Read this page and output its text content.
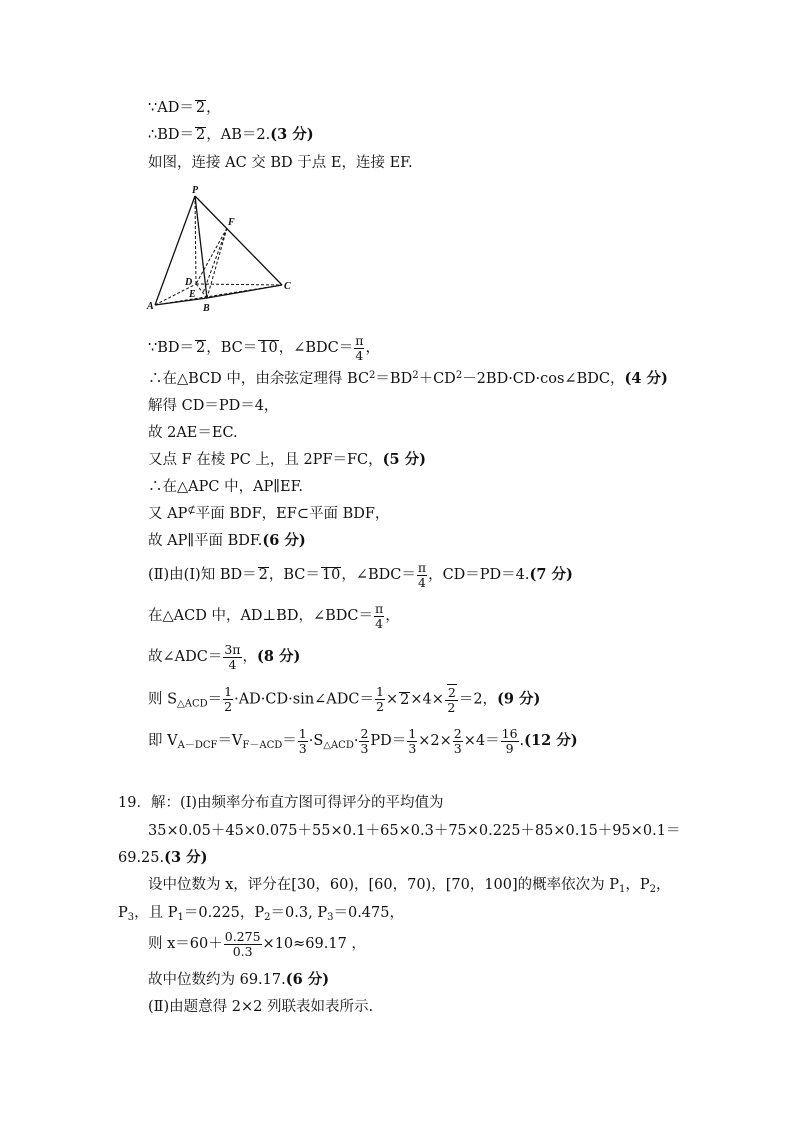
∵AD＝ 2，
∴BD＝ 2，AB＝2.(3 分)
如图，连接 AC 交 BD 于点 E，连接 EF.
P
F
D
E
A	B
C
∵BD＝ 2，BC＝ 10，∠BDC＝ $\frac{\pi}{4}$ ，
∴在△BCD 中，由余弦定理得 $BC^2=BD^2+CD^2-2BD\cdot CD\cdot\cos\angle BDC$，(4 分)
解得 CD＝PD＝4，
故 2AE＝EC.
又点 F 在棱 PC 上，且 2PF＝FC，(5 分)
∴在△APC 中，AP∥EF.
又 AP⊄平面 BDF，EF⊂平面 BDF，
故 AP∥平面 BDF.(6 分)
(Ⅱ)由(Ⅰ)知 BD＝ 2，BC＝ 10，∠BDC＝ $\frac{\pi}{4}$ ，CD＝PD＝4.(7 分)
在△ACD 中，AD⊥BD，∠BDC＝ $\frac{\pi}{4}$ ，
故∠ADC＝ $\frac{3\pi}{4}$ ，(8 分)
则 $S_{\triangle ACD}= \frac{1}{2}$ ·AD·CD·sin∠ADC＝ $\frac{1}{2} \times 2\times 4\times \frac{2}{2} =2$，(9 分)
即 $V_{A-DCF}=V_{F-ACD}= \frac{1}{3} \cdot S_{\triangle ACD}\cdot \frac{2}{3} PD= \frac{1}{3} \times 2\times \frac{2}{3} \times 4= \frac{16}{9} .(12$ 分)
19．解：(Ⅰ)由频率分布直方图可得评分的平均值为
35×0.05＋45×0.075＋55×0.1＋65×0.3＋75×0.225＋85×0.15＋95×0.1＝
69.25.(3 分)
设中位数为 x，评分在[30，60)，[60，70)，[70，100]的概率依次为 $P_1$，$P_2$，
$P_3$，且 $P_1=0.225$，$P_2=0.3$, $P_3=0.475$，
则 $x=60+ \frac{0.275}{0.3} \times 10\approx 69.17$ ，
故中位数约为 69.17.(6 分)
(Ⅱ)由题意得 2×2 列联表如表所示.
